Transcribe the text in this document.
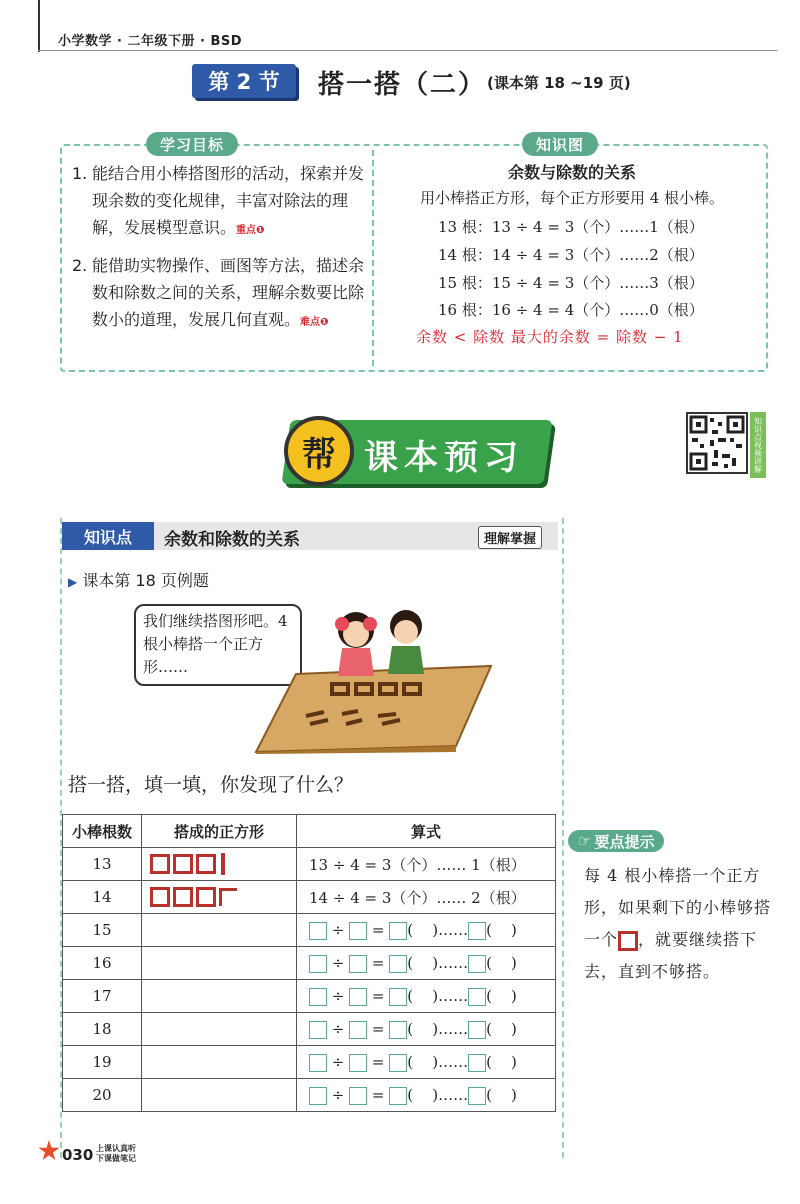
小学数学 · 二年级下册 · BSD
第 2 节	搭一搭（二） (课本第 18 ~19 页)
学习目标	知识图
1. 能结合用小棒搭图形的活动，探索并发现余数的变化规律，丰富对除法的理解，发展模型意识。重点❶
2. 能借助实物操作、画图等方法，描述余数和除数之间的关系，理解余数要比除数小的道理，发展几何直观。难点❶
余数与除数的关系
用小棒搭正方形，每个正方形要用 4 根小棒。
13 根：13 ÷ 4 = 3（个）……1（根）
14 根：14 ÷ 4 = 3（个）……2（根）
15 根：15 ÷ 4 = 3（个）……3（根）
16 根：16 ÷ 4 = 4（个）……0（根）
余数 < 除数 最大的余数 = 除数 − 1
课本预习
帮	知识点视频讲解
知识点	余数和除数的关系	理解掌握
▶ 课本第 18 页例题
我们继续搭图形吧。4根小棒搭一个正方形……
搭一搭，填一填，你发现了什么？
小棒根数	搭成的正方形	算式
13		13 ÷ 4 = 3（个）…… 1（根）
14		14 ÷ 4 = 3（个）…… 2（根）
15		÷ = ( )…… ( )
16		÷ = ( )…… ( )
17		÷ = ( )…… ( )
18		÷ = ( )…… ( )
19		÷ = ( )…… ( )
20		÷ = ( )…… ( )
☞ 要点提示
每 4 根小棒搭一个正方形，如果剩下的小棒够搭一个 ，就要继续搭下去，直到不够搭。
030 上课认真听 下课做笔记
